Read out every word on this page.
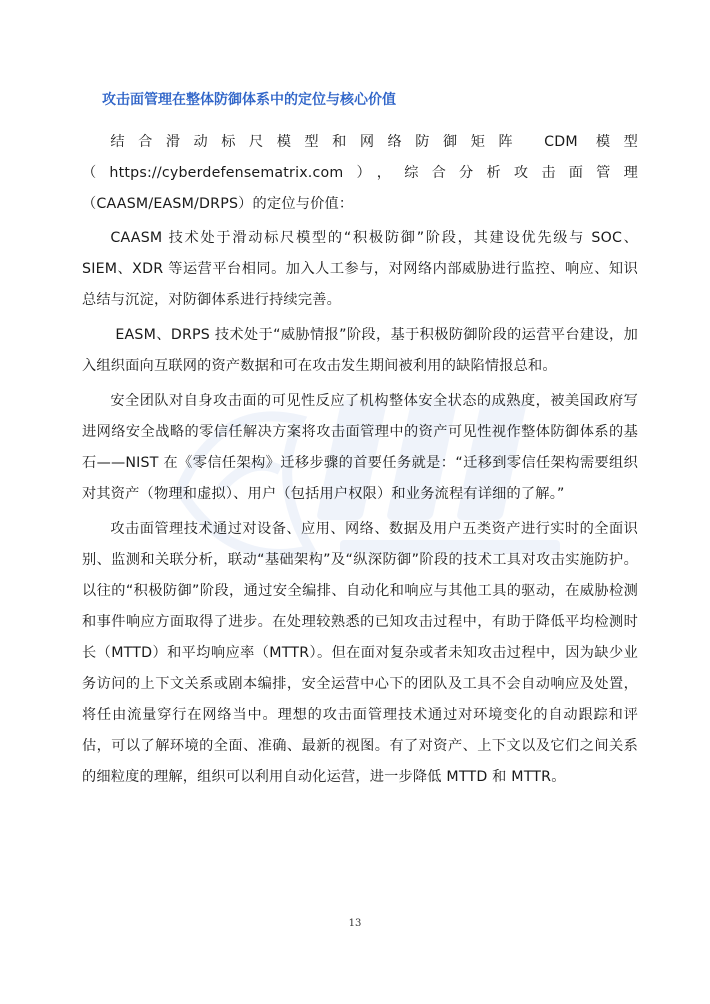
攻击面管理在整体防御体系中的定位与核心价值

结合滑动标尺模型和网络防御矩阵 CDM 模型（https://cyberdefensematrix.com），综合分析攻击面管理（CAASM/EASM/DRPS）的定位与价值：

CAASM 技术处于滑动标尺模型的“积极防御”阶段，其建设优先级与 SOC、SIEM、XDR 等运营平台相同。加入人工参与，对网络内部威胁进行监控、响应、知识总结与沉淀，对防御体系进行持续完善。

EASM、DRPS 技术处于“威胁情报”阶段，基于积极防御阶段的运营平台建设，加入组织面向互联网的资产数据和可在攻击发生期间被利用的缺陷情报总和。

安全团队对自身攻击面的可见性反应了机构整体安全状态的成熟度，被美国政府写进网络安全战略的零信任解决方案将攻击面管理中的资产可见性视作整体防御体系的基石——NIST 在《零信任架构》迁移步骤的首要任务就是：“迁移到零信任架构需要组织对其资产（物理和虚拟）、用户（包括用户权限）和业务流程有详细的了解。”

攻击面管理技术通过对设备、应用、网络、数据及用户五类资产进行实时的全面识别、监测和关联分析，联动“基础架构”及“纵深防御”阶段的技术工具对攻击实施防护。以往的“积极防御”阶段，通过安全编排、自动化和响应与其他工具的驱动，在威胁检测和事件响应方面取得了进步。在处理较熟悉的已知攻击过程中，有助于降低平均检测时长（MTTD）和平均响应率（MTTR）。但在面对复杂或者未知攻击过程中，因为缺少业务访问的上下文关系或剧本编排，安全运营中心下的团队及工具不会自动响应及处置，将任由流量穿行在网络当中。理想的攻击面管理技术通过对环境变化的自动跟踪和评估，可以了解环境的全面、准确、最新的视图。有了对资产、上下文以及它们之间关系的细粒度的理解，组织可以利用自动化运营，进一步降低 MTTD 和 MTTR。

13
